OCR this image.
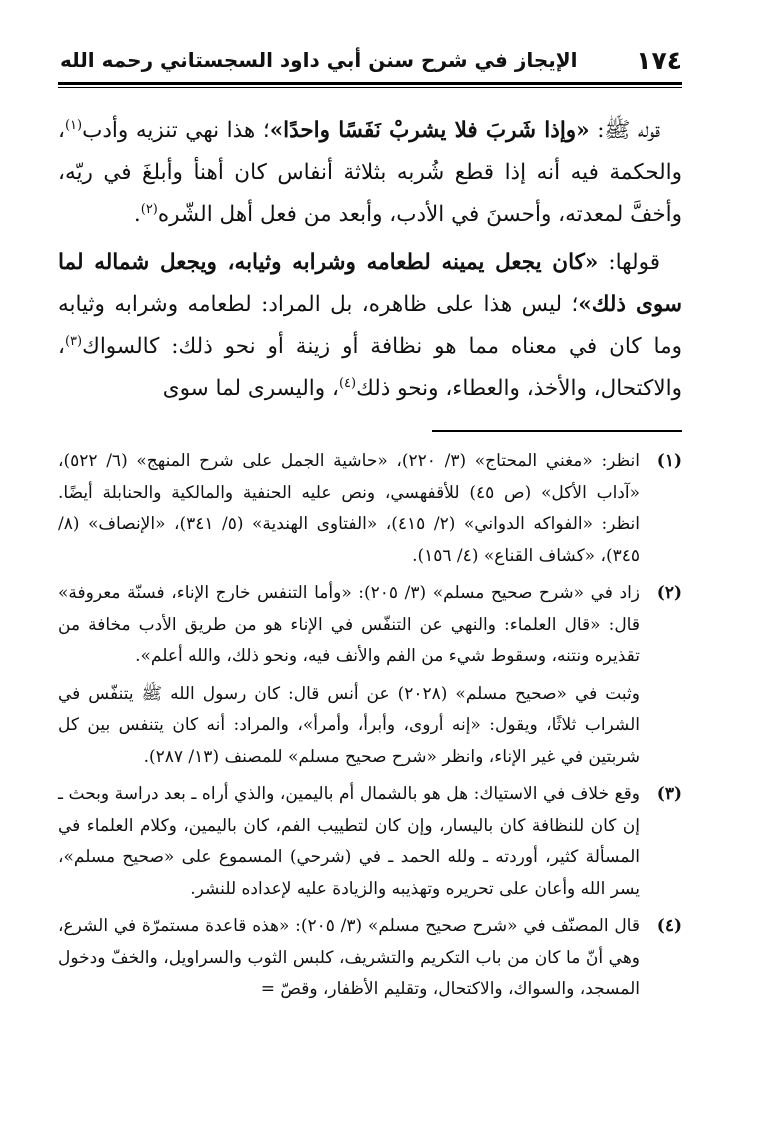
١٧٤
الإيجاز في شرح سنن أبي داود السجستاني رحمه الله

قوله ﷺ: «وإذا شَربَ فلا يشربْ نَفَسًا واحدًا»؛ هذا نهي تنزيه وأدب$^{(١)}$، والحكمة فيه أنه إذا قطع شُربه بثلاثة أنفاس كان أهنأ وأبلغَ في ريّه، وأخفَّ لمعدته، وأحسنَ في الأدب، وأبعد من فعل أهل الشّره$^{(٢)}$.

قولها: «كان يجعل يمينه لطعامه وشرابه وثيابه، ويجعل شماله لما سوى ذلك»؛ ليس هذا على ظاهره، بل المراد: لطعامه وشرابه وثيابه وما كان في معناه مما هو نظافة أو زينة أو نحو ذلك: كالسواك$^{(٣)}$، والاكتحال، والأخذ، والعطاء، ونحو ذلك$^{(٤)}$، واليسرى لما سوى

(١)

انظر: «مغني المحتاج» (٣/ ٢٢٠)، «حاشية الجمل على شرح المنهج» (٦/ ٥٢٢)، «آداب الأكل» (ص ٤٥) للأقفهسي، ونص عليه الحنفية والمالكية والحنابلة أيضًا. انظر: «الفواكه الدواني» (٢/ ٤١٥)، «الفتاوى الهندية» (٥/ ٣٤١)، «الإنصاف» (٨/ ٣٤٥)، «كشاف القناع» (٤/ ١٥٦).

(٢)

زاد في «شرح صحيح مسلم» (٣/ ٢٠٥): «وأما التنفس خارج الإناء، فسنّة معروفة» قال: «قال العلماء: والنهي عن التنفّس في الإناء هو من طريق الأدب مخافة من تقذيره ونتنه، وسقوط شيء من الفم والأنف فيه، ونحو ذلك، والله أعلم».

وثبت في «صحيح مسلم» (٢٠٢٨) عن أنس قال: كان رسول الله ﷺ يتنفّس في الشراب ثلاثًا، ويقول: «إنه أروى، وأبرأ، وأمرأ»، والمراد: أنه كان يتنفس بين كل شربتين في غير الإناء، وانظر «شرح صحيح مسلم» للمصنف (١٣/ ٢٨٧).

(٣)

وقع خلاف في الاستياك: هل هو بالشمال أم باليمين، والذي أراه ـ بعد دراسة وبحث ـ إن كان للنظافة كان باليسار، وإن كان لتطييب الفم، كان باليمين، وكلام العلماء في المسألة كثير، أوردته ـ ولله الحمد ـ في (شرحي) المسموع على «صحيح مسلم»، يسر الله وأعان على تحريره وتهذيبه والزيادة عليه لإعداده للنشر.

(٤)

قال المصنّف في «شرح صحيح مسلم» (٣/ ٢٠٥): «هذه قاعدة مستمرّة في الشرع، وهي أنّ ما كان من باب التكريم والتشريف، كلبس الثوب والسراويل، والخفّ ودخول المسجد، والسواك، والاكتحال، وتقليم الأظفار، وقصّ =
